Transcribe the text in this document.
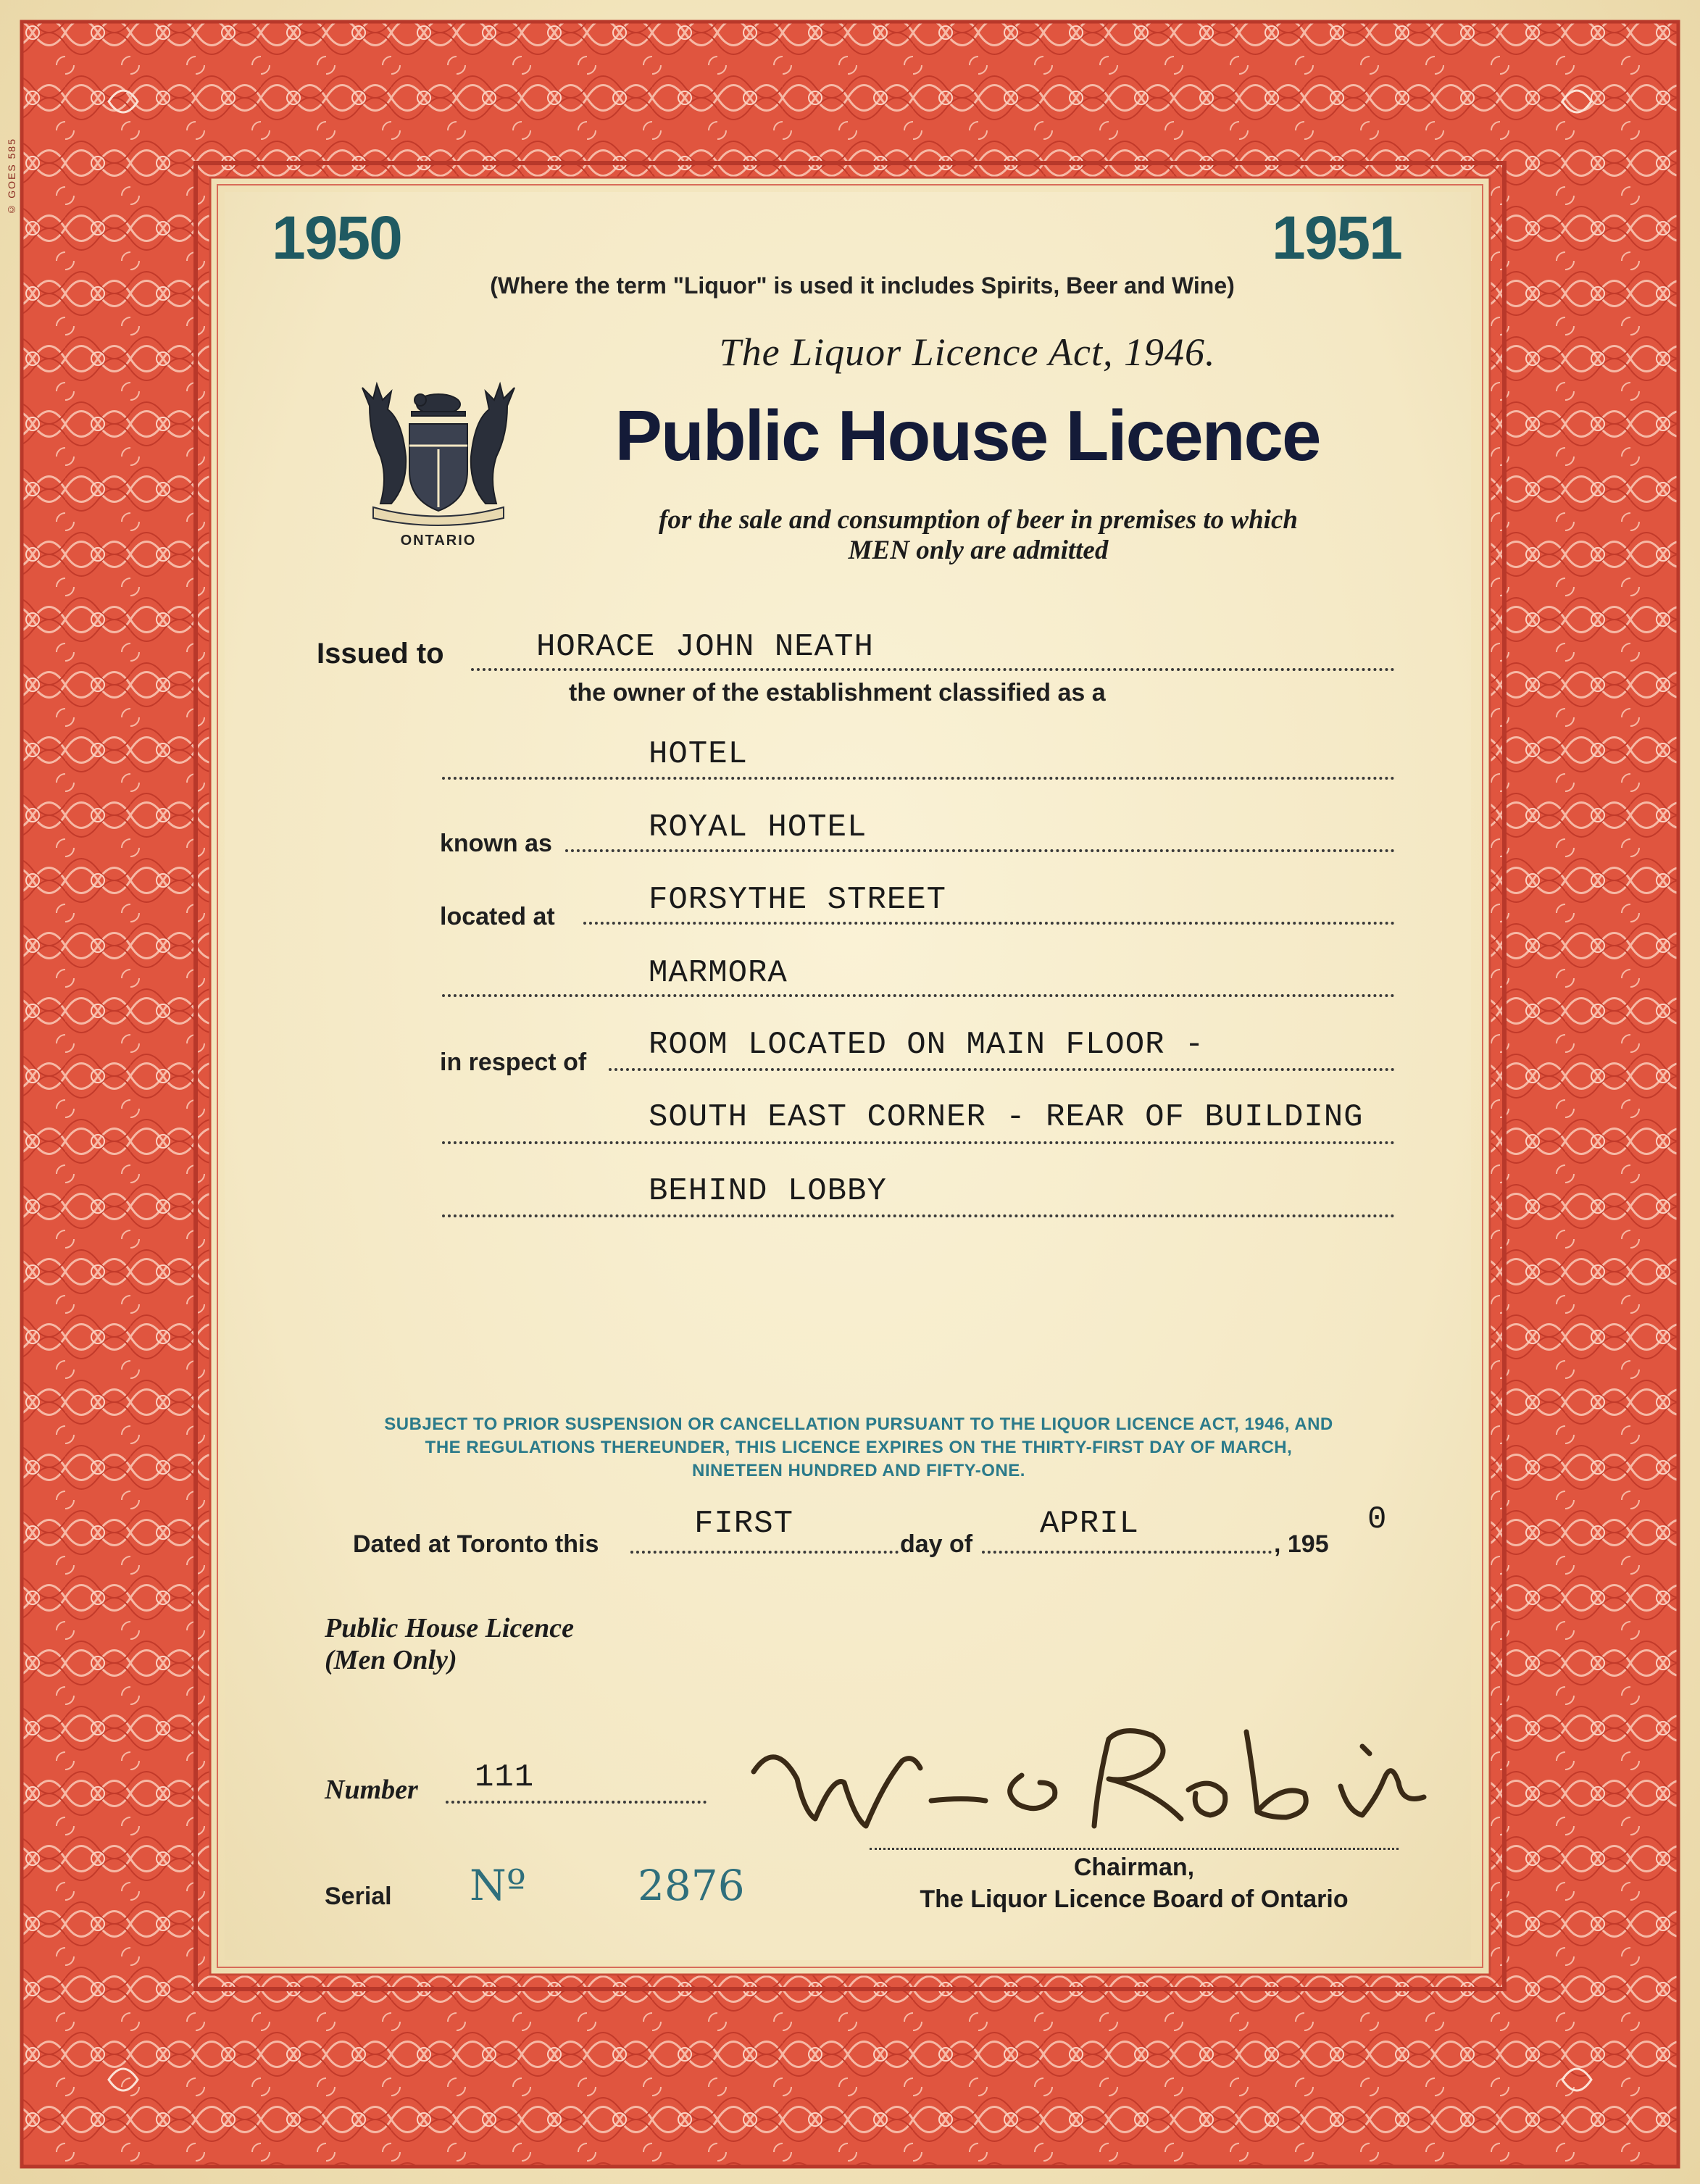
© GOES 585
1950	1951
(Where the term "Liquor" is used it includes Spirits, Beer and Wine)
The Liquor Licence Act, 1946.
Public House Licence
for the sale and consumption of beer in premises to which
MEN only are admitted
ONTARIO
Issued to	HORACE JOHN NEATH
the owner of the establishment classified as a
HOTEL
known as	ROYAL HOTEL
located at	FORSYTHE STREET
MARMORA
in respect of ROOM LOCATED ON MAIN FLOOR -
SOUTH EAST CORNER - REAR OF BUILDING
BEHIND LOBBY
SUBJECT TO PRIOR SUSPENSION OR CANCELLATION PURSUANT TO THE LIQUOR LICENCE ACT, 1946, AND
THE REGULATIONS THEREUNDER, THIS LICENCE EXPIRES ON THE THIRTY-FIRST DAY OF MARCH,
NINETEEN HUNDRED AND FIFTY-ONE.
Dated at Toronto this
FIRST
day of
APRIL
, 195
0
Public House Licence
(Men Only)
Number 111
Serial Nº	2876	Chairman,
The Liquor Licence Board of Ontario
